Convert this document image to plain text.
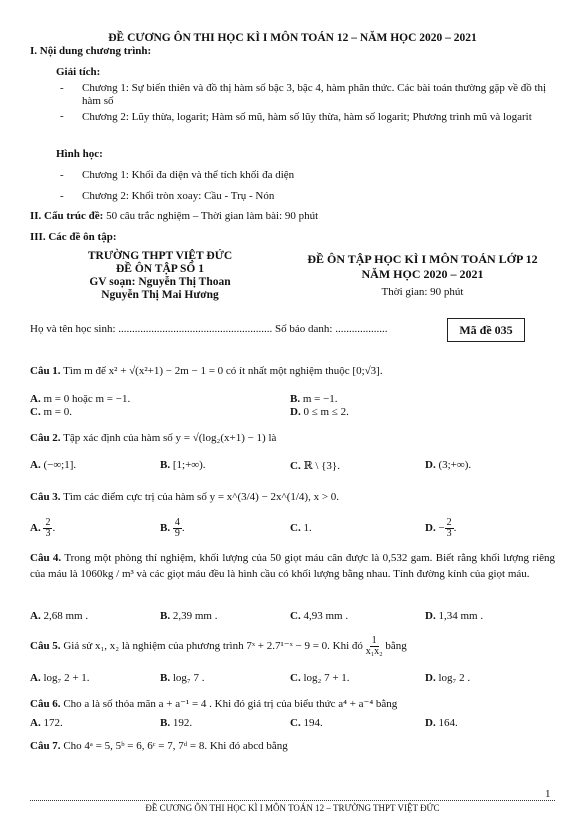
ĐỀ CƯƠNG ÔN THI HỌC KÌ I MÔN TOÁN 12 – NĂM HỌC 2020 – 2021
I. Nội dung chương trình:
Giải tích:
- Chương 1: Sự biến thiên và đồ thị hàm số bậc 3, bậc 4, hàm phân thức. Các bài toán thường gặp về đồ thị hàm số
- Chương 2: Lũy thừa, logarit; Hàm số mũ, hàm số lũy thừa, hàm số logarit; Phương trình mũ và logarit
Hình học:
- Chương 1: Khối đa diện và thể tích khối đa diện
- Chương 2: Khối tròn xoay: Cầu - Trụ - Nón
II. Cấu trúc đề: 50 câu trắc nghiệm – Thời gian làm bài: 90 phút
III. Các đề ôn tập:
TRƯỜNG THPT VIỆT ĐỨC
ĐỀ ÔN TẬP SỐ 1
GV soạn: Nguyễn Thị Thoan
Nguyễn Thị Mai Hương
ĐỀ ÔN TẬP HỌC KÌ I MÔN TOÁN LỚP 12
NĂM HỌC 2020 – 2021
Thời gian: 90 phút
Họ và tên học sinh: ........................................................ Số báo danh: ...................	Mã đề 035
Câu 1. Tìm m để x² + √(x²+1) − 2m − 1 = 0 có ít nhất một nghiệm thuộc [0;√3].
A. m = 0 hoặc m = −1.	B. m = −1.
C. m = 0.	D. 0 ≤ m ≤ 2.
Câu 2. Tập xác định của hàm số y = √(log₂(x+1) − 1) là
A. (−∞;1].	B. [1;+∞).	C. ℝ \ {3}.	D. (3;+∞).
Câu 3. Tìm các điểm cực trị của hàm số y = x^(3/4) − 2x^(1/4), x > 0.
A. $\frac{2}{3}$ .	B. $\frac{4}{9}$ .	C. 1.	D. − $\frac{2}{3}$ .
Câu 4. Trong một phòng thí nghiệm, khối lượng của 50 giọt máu cân được là 0,532 gam. Biết rằng khối lượng riêng của máu là 1060kg / m³ và các giọt máu đều là hình cầu có khối lượng bằng nhau. Tính đường kính của giọt máu.
A. 2,68 mm .	B. 2,39 mm .	C. 4,93 mm .	D. 1,34 mm .
Câu 5. Giả sử x₁, x₂ là nghiệm của phương trình 7ˣ + 2.7¹⁻ˣ − 9 = 0. Khi đó $\frac{1}{\text{x₁x₂}}$ bằng
A. log₇ 2 + 1.	B. log₇ 7 .	C. log₂ 7 + 1.	D. log₇ 2 .
Câu 6. Cho a là số thỏa mãn a + a⁻¹ = 4 . Khi đó giá trị của biểu thức a⁴ + a⁻⁴ bằng
A. 172.	B. 192.	C. 194.	D. 164.
Câu 7. Cho 4ᵃ = 5, 5ᵇ = 6, 6ᶜ = 7, 7ᵈ = 8. Khi đó abcd bằng
1
ĐỀ CƯƠNG ÔN THI HỌC KÌ I MÔN TOÁN 12 – TRƯỜNG THPT VIỆT ĐỨC
